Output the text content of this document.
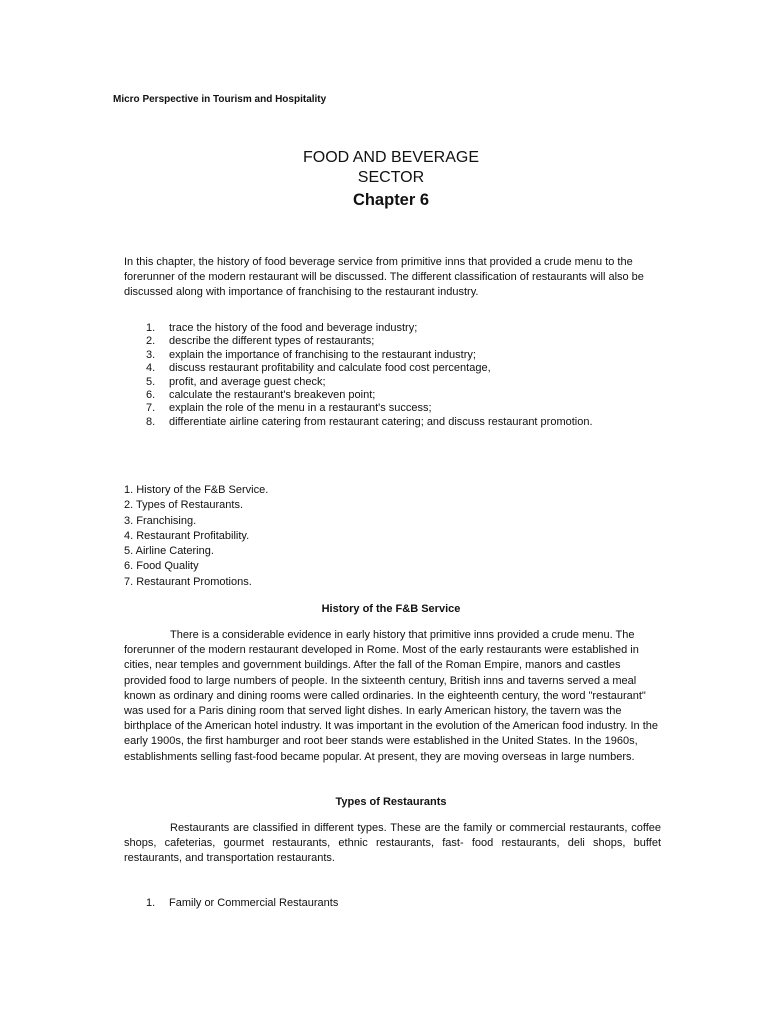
Micro Perspective in Tourism and Hospitality
FOOD AND BEVERAGE
SECTOR
Chapter 6
In this chapter, the history of food beverage service from primitive inns that provided a crude menu to the forerunner of the modern restaurant will be discussed. The different classification of restaurants will also be discussed along with importance of franchising to the restaurant industry.
1. trace the history of the food and beverage industry;
2. describe the different types of restaurants;
3. explain the importance of franchising to the restaurant industry;
4. discuss restaurant profitability and calculate food cost percentage,
5. profit, and average guest check;
6. calculate the restaurant's breakeven point;
7. explain the role of the menu in a restaurant's success;
8. differentiate airline catering from restaurant catering; and discuss restaurant promotion.
1. History of the F&B Service.
2. Types of Restaurants.
3. Franchising.
4. Restaurant Profitability.
5. Airline Catering.
6. Food Quality
7. Restaurant Promotions.
History of the F&B Service
There is a considerable evidence in early history that primitive inns provided a crude menu. The forerunner of the modern restaurant developed in Rome. Most of the early restaurants were established in cities, near temples and government buildings. After the fall of the Roman Empire, manors and castles provided food to large numbers of people. In the sixteenth century, British inns and taverns served a meal known as ordinary and dining rooms were called ordinaries. In the eighteenth century, the word "restaurant" was used for a Paris dining room that served light dishes. In early American history, the tavern was the birthplace of the American hotel industry. It was important in the evolution of the American food industry. In the early 1900s, the first hamburger and root beer stands were established in the United States. In the 1960s, establishments selling fast-food became popular. At present, they are moving overseas in large numbers.
Types of Restaurants
Restaurants are classified in different types. These are the family or commercial restaurants, coffee shops, cafeterias, gourmet restaurants, ethnic restaurants, fast- food restaurants, deli shops, buffet restaurants, and transportation restaurants.
1. Family or Commercial Restaurants
